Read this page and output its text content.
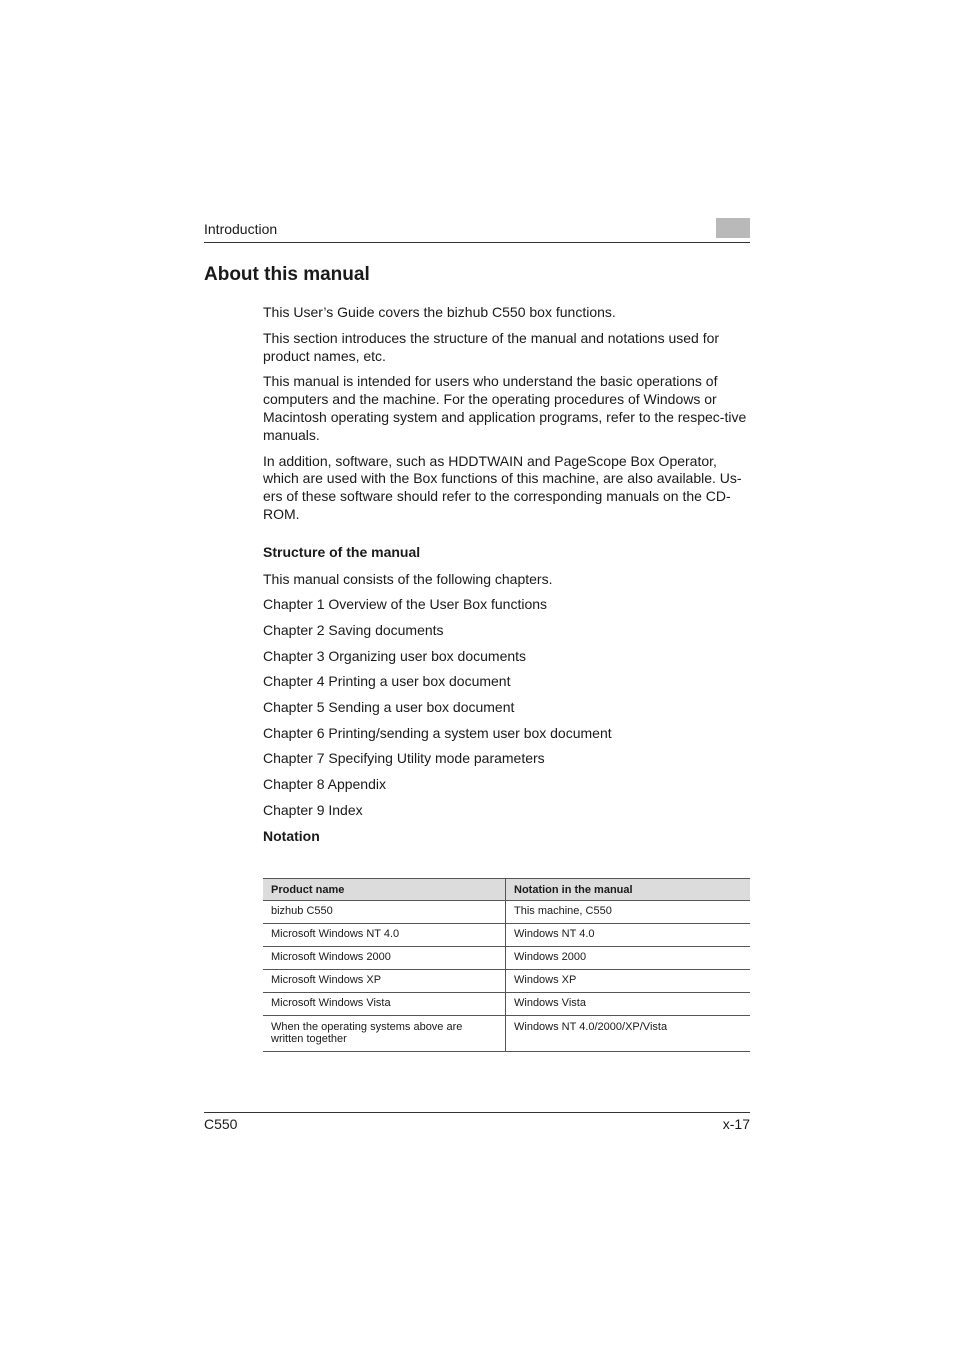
Introduction
About this manual

This User’s Guide covers the bizhub C550 box functions.

This section introduces the structure of the manual and notations used for product names, etc.

This manual is intended for users who understand the basic operations of computers and the machine. For the operating procedures of Windows or Macintosh operating system and application programs, refer to the respec-tive manuals.

In addition, software, such as HDDTWAIN and PageScope Box Operator, which are used with the Box functions of this machine, are also available. Us-ers of these software should refer to the corresponding manuals on the CD-ROM.

Structure of the manual
This manual consists of the following chapters.
Chapter 1 Overview of the User Box functions
Chapter 2 Saving documents
Chapter 3 Organizing user box documents
Chapter 4 Printing a user box document
Chapter 5 Sending a user box document
Chapter 6 Printing/sending a system user box document
Chapter 7 Specifying Utility mode parameters
Chapter 8 Appendix
Chapter 9 Index
Notation
Product name	Notation in the manual
bizhub C550	This machine, C550
Microsoft Windows NT 4.0	Windows NT 4.0
Microsoft Windows 2000	Windows 2000
Microsoft Windows XP	Windows XP
Microsoft Windows Vista	Windows Vista
When the operating systems above are written together	Windows NT 4.0/2000/XP/Vista
C550	x-17
